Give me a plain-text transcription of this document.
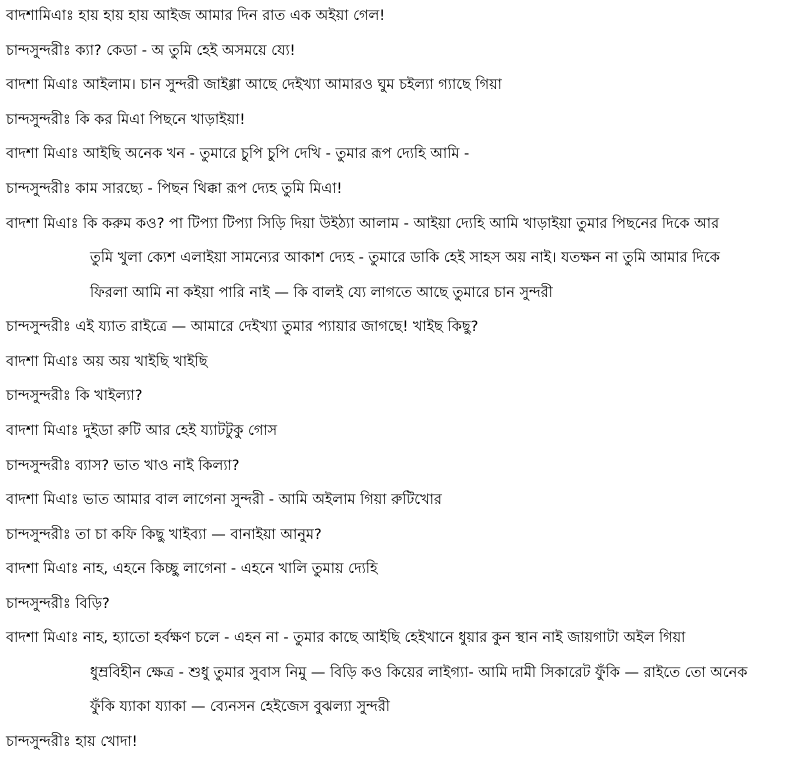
বাদশামিএাঃ হায় হায় হায় আইজ আমার দিন রাত এক অইয়া গেল!
চান্দসুন্দরীঃ ক্যা? কেডা - অ তুমি হেই অসময়ে য্যে!
বাদশা মিএাঃ আইলাম। চান সুন্দরী জাইগ্গা আছে দেইখ্যা আমারও ঘুম চইল্যা গ্যাছে গিয়া
চান্দসুন্দরীঃ কি কর মিএা পিছনে খাড়াইয়া!
বাদশা মিএাঃ আইছি অনেক খন - তুমারে চুপি চুপি দেখি - তুমার রূপ দ্যেহি আমি -
চান্দসুন্দরীঃ কাম সারছ্যে - পিছন থিক্কা রূপ দ্যেহ তুমি মিএা!
বাদশা মিএাঃ কি করুম কও? পা টিপ্যা টিপ্যা সিড়ি দিয়া উইঠ্যা আলাম - আইয়া দ্যেহি আমি খাড়াইয়া তুমার পিছনের দিকে আর
তুমি খুলা ক্যেশ এলাইয়া সামন্যের আকাশ দ্যেহ - তুমারে ডাকি হেই সাহস অয় নাই। যতক্ষন না তুমি আমার দিকে
ফিরলা আমি না কইয়া পারি নাই — কি বালই য্যে লাগতে আছে তুমারে চান সুন্দরী
চান্দসুন্দরীঃ এই য্যাত রাইত্রে — আমারে দেইখ্যা তুমার প্যায়ার জাগছে! খাইছ কিছু?
বাদশা মিএাঃ অয় অয় খাইছি খাইছি
চান্দসুন্দরীঃ কি খাইল্যা?
বাদশা মিএাঃ দুইডা রুটি আর হেই য্যাটটুকু গোস
চান্দসুন্দরীঃ ব্যাস? ভাত খাও নাই কিল্যা?
বাদশা মিএাঃ ভাত আমার বাল লাগেনা সুন্দরী - আমি অইলাম গিয়া রুটিখোর
চান্দসুন্দরীঃ তা চা কফি কিছু খাইব্যা — বানাইয়া আনুম?
বাদশা মিএাঃ নাহ, এহনে কিচ্ছু লাগেনা - এহনে খালি তুমায় দ্যেহি
চান্দসুন্দরীঃ বিড়ি?
বাদশা মিএাঃ নাহ, হ্যাতো হর্বক্ষণ চলে - এহন না - তুমার কাছে আইছি হেইখানে ধুয়ার কুন স্থান নাই জায়গাটা অইল গিয়া
ধুম্রবিহীন ক্ষেত্র - শুধু তুমার সুবাস নিমু — বিড়ি কও কিয়ের লাইগ্যা- আমি দামী সিকারেট ফুঁকি — রাইতে তো অনেক
ফুঁকি য্যাকা য্যাকা — ব্যেনসন হেইজেস বুঝল্যা সুন্দরী
চান্দসুন্দরীঃ হায় খোদা!
